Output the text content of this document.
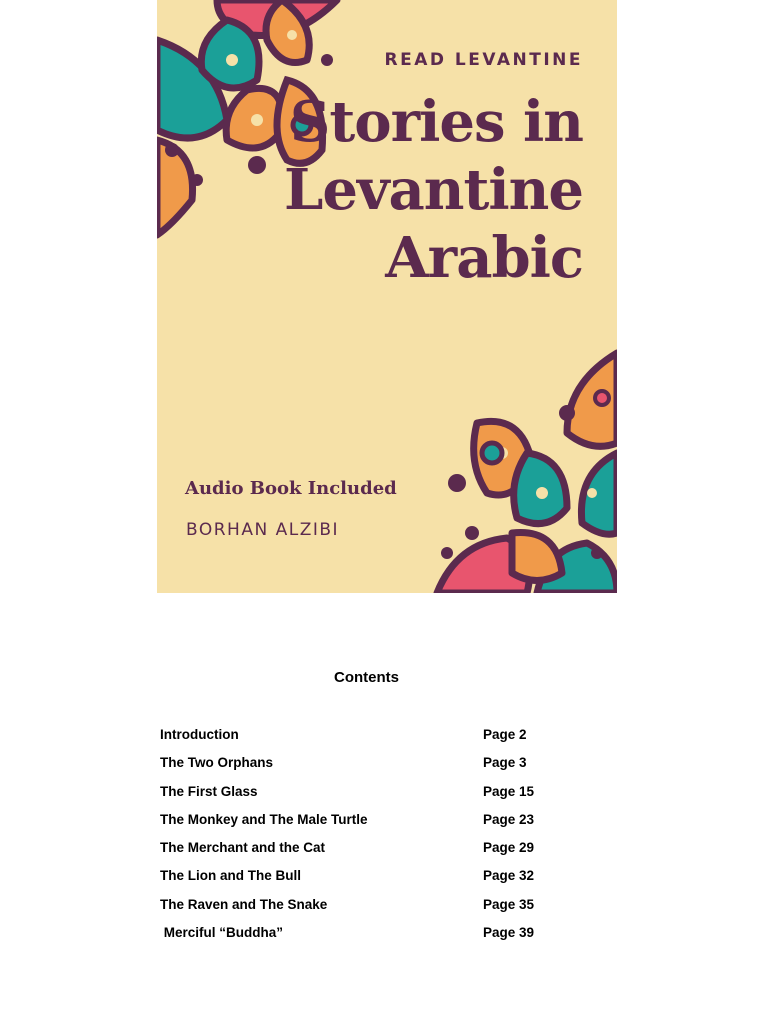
READ LEVANTINE
Stories in
Levantine
Arabic
Audio Book Included
BORHAN ALZIBI
Contents
Introduction	Page 2
The Two Orphans	Page 3
The First Glass	Page 15
The Monkey and The Male Turtle	Page 23
The Merchant and the Cat	Page 29
The Lion and The Bull	Page 32
The Raven and The Snake	Page 35
Merciful “Buddha”	Page 39
